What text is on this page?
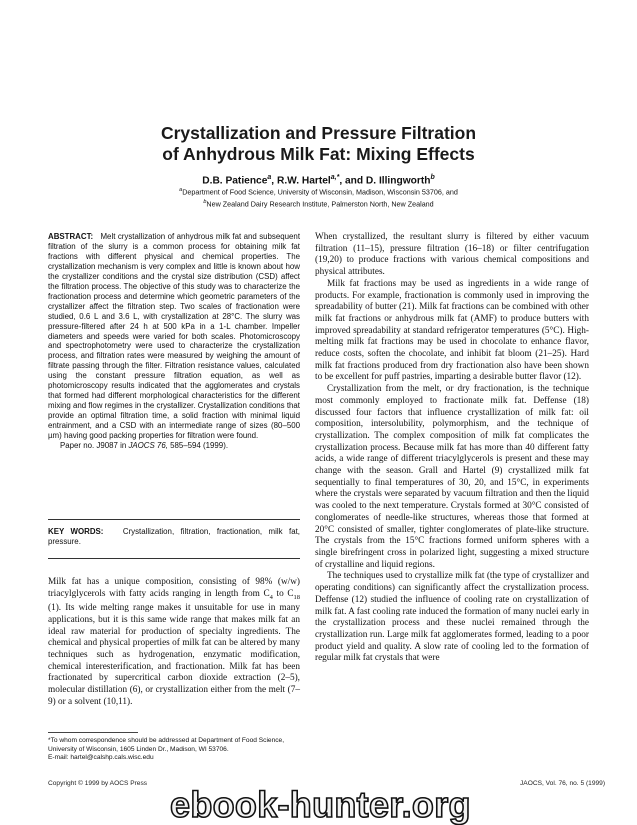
Crystallization and Pressure Filtration
of Anhydrous Milk Fat: Mixing Effects
D.B. Patience$^a$, R.W. Hartel$^{a,*}$, and D. Illingworth$^b$
$^a$Department of Food Science, University of Wisconsin, Madison, Wisconsin 53706, and
$^b$New Zealand Dairy Research Institute, Palmerston North, New Zealand
ABSTRACT: Melt crystallization of anhydrous milk fat and subsequent filtration of the slurry is a common process for obtaining milk fat fractions with different physical and chemical properties. The crystallization mechanism is very complex and little is known about how the crystallizer conditions and the crystal size distribution (CSD) affect the filtration process. The objective of this study was to characterize the fractionation process and determine which geometric parameters of the crystallizer affect the filtration step. Two scales of fractionation were studied, 0.6 L and 3.6 L, with crystallization at 28°C. The slurry was pressure-filtered after 24 h at 500 kPa in a 1-L chamber. Impeller diameters and speeds were varied for both scales. Photomicroscopy and spectrophotometry were used to characterize the crystallization process, and filtration rates were measured by weighing the amount of filtrate passing through the filter. Filtration resistance values, calculated using the constant pressure filtration equation, as well as photomicroscopy results indicated that the agglomerates and crystals that formed had different morphological characteristics for the different mixing and flow regimes in the crystallizer. Crystallization conditions that provide an optimal filtration time, a solid fraction with minimal liquid entrainment, and a CSD with an intermediate range of sizes (80–500 µm) having good packing properties for filtration were found.
Paper no. J9087 in JAOCS 76, 585–594 (1999).
KEY WORDS: Crystallization, filtration, fractionation, milk fat, pressure.

Milk fat has a unique composition, consisting of 98% (w/w) triacylglycerols with fatty acids ranging in length from $C_4$ to $C_{18}$ (1). Its wide melting range makes it unsuitable for use in many applications, but it is this same wide range that makes milk fat an ideal raw material for production of specialty ingredients. The chemical and physical properties of milk fat can be altered by many techniques such as hydrogenation, enzymatic modification, chemical interesterification, and fractionation. Milk fat has been fractionated by supercritical carbon dioxide extraction (2–5), molecular distillation (6), or crystallization either from the melt (7–9) or a solvent (10,11).

*To whom correspondence should be addressed at Department of Food Science, University of Wisconsin, 1605 Linden Dr., Madison, WI 53706.
E-mail: hartel@calshp.cals.wisc.edu

When crystallized, the resultant slurry is filtered by either vacuum filtration (11–15), pressure filtration (16–18) or filter centrifugation (19,20) to produce fractions with various chemical compositions and physical attributes.

Milk fat fractions may be used as ingredients in a wide range of products. For example, fractionation is commonly used in improving the spreadability of butter (21). Milk fat fractions can be combined with other milk fat fractions or anhydrous milk fat (AMF) to produce butters with improved spreadability at standard refrigerator temperatures (5°C). High-melting milk fat fractions may be used in chocolate to enhance flavor, reduce costs, soften the chocolate, and inhibit fat bloom (21–25). Hard milk fat fractions produced from dry fractionation also have been shown to be excellent for puff pastries, imparting a desirable butter flavor (12).

Crystallization from the melt, or dry fractionation, is the technique most commonly employed to fractionate milk fat. Deffense (18) discussed four factors that influence crystallization of milk fat: oil composition, intersolubility, polymorphism, and the technique of crystallization. The complex composition of milk fat complicates the crystallization process. Because milk fat has more than 40 different fatty acids, a wide range of different triacylglycerols is present and these may change with the season. Grall and Hartel (9) crystallized milk fat sequentially to final temperatures of 30, 20, and 15°C, in experiments where the crystals were separated by vacuum filtration and then the liquid was cooled to the next temperature. Crystals formed at 30°C consisted of conglomerates of needle-like structures, whereas those that formed at 20°C consisted of smaller, tighter conglomerates of plate-like structure. The crystals from the 15°C fractions formed uniform spheres with a single birefringent cross in polarized light, suggesting a mixed structure of crystalline and liquid regions.

The techniques used to crystallize milk fat (the type of crystallizer and operating conditions) can significantly affect the crystallization process. Deffense (12) studied the influence of cooling rate on crystallization of milk fat. A fast cooling rate induced the formation of many nuclei early in the crystallization process and these nuclei remained through the crystallization run. Large milk fat agglomerates formed, leading to a poor product yield and quality. A slow rate of cooling led to the formation of regular milk fat crystals that were

Copyright © 1999 by AOCS Press	JAOCS, Vol. 76, no. 5 (1999)
ebook-hunter.org
